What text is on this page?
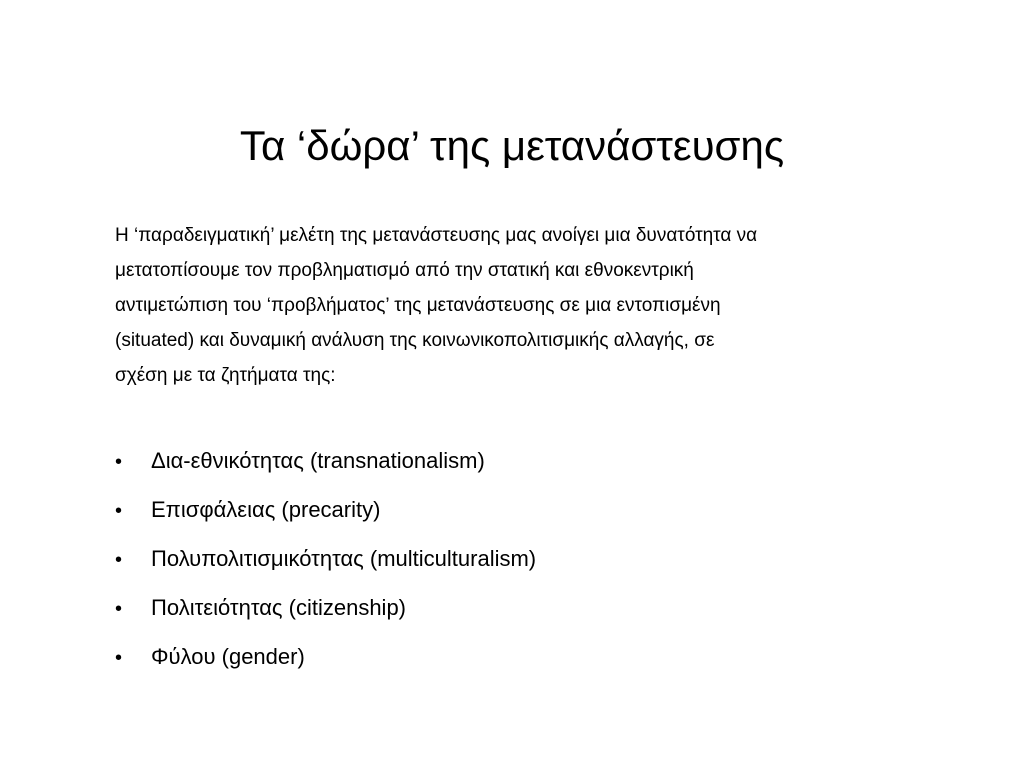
Τα ‘δώρα’ της μετανάστευσης

Η ‘παραδειγματική’ μελέτη της μετανάστευσης μας ανοίγει μια δυνατότητα να
μετατοπίσουμε τον προβληματισμό από την στατική και εθνοκεντρική
αντιμετώπιση του ‘προβλήματος’ της μετανάστευσης σε μια εντοπισμένη
(situated) και δυναμική ανάλυση της κοινωνικοπολιτισμικής αλλαγής, σε
σχέση με τα ζητήματα της:

•	Δια-εθνικότητας (transnationalism)
•	Επισφάλειας (precarity)
•	Πολυπολιτισμικότητας (multiculturalism)
•	Πολιτειότητας (citizenship)
•	Φύλου (gender)
